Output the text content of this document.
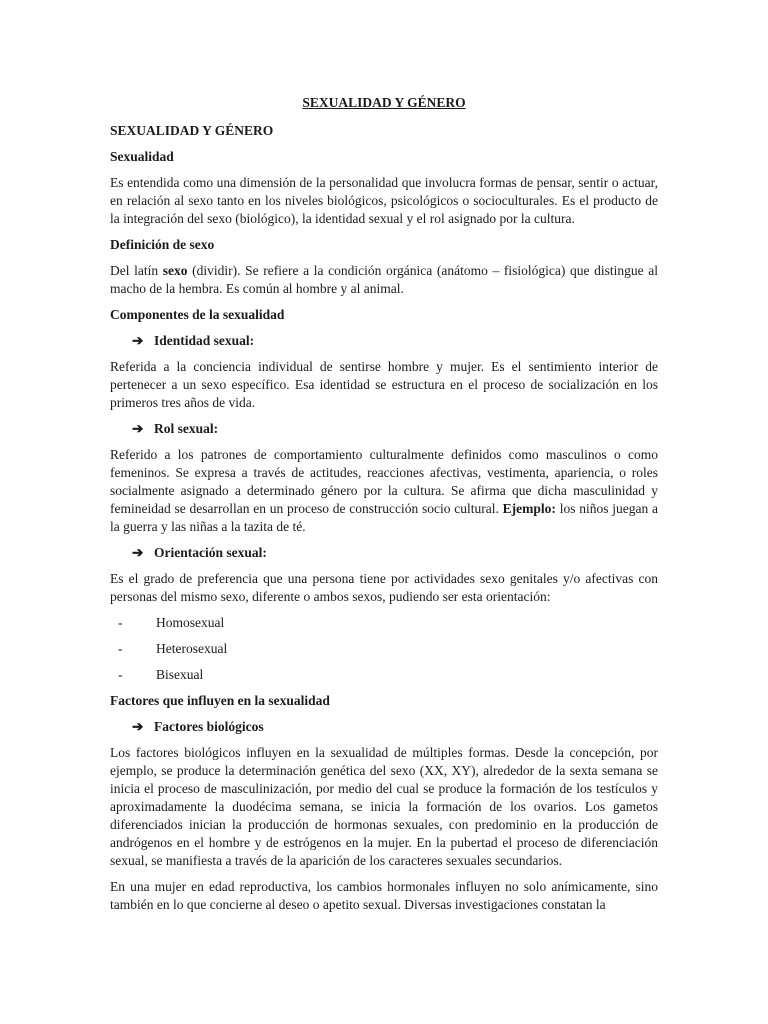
SEXUALIDAD Y GÉNERO
SEXUALIDAD Y GÉNERO
Sexualidad

Es entendida como una dimensión de la personalidad que involucra formas de pensar, sentir o actuar, en relación al sexo tanto en los niveles biológicos, psicológicos o socioculturales. Es el producto de la integración del sexo (biológico), la identidad sexual y el rol asignado por la cultura.

Definición de sexo

Del latín sexo (dividir). Se refiere a la condición orgánica (anátomo – fisiológica) que distingue al macho de la hembra. Es común al hombre y al animal.

Componentes de la sexualidad
➔ Identidad sexual:

Referida a la conciencia individual de sentirse hombre y mujer. Es el sentimiento interior de pertenecer a un sexo específico. Esa identidad se estructura en el proceso de socialización en los primeros tres años de vida.

➔ Rol sexual:

Referido a los patrones de comportamiento culturalmente definidos como masculinos o como femeninos. Se expresa a través de actitudes, reacciones afectivas, vestimenta, apariencia, o roles socialmente asignado a determinado género por la cultura. Se afirma que dicha masculinidad y femineidad se desarrollan en un proceso de construcción socio cultural. Ejemplo: los niños juegan a la guerra y las niñas a la tazita de té.

➔ Orientación sexual:

Es el grado de preferencia que una persona tiene por actividades sexo genitales y/o afectivas con personas del mismo sexo, diferente o ambos sexos, pudiendo ser esta orientación:

-	Homosexual
-	Heterosexual
-	Bisexual
Factores que influyen en la sexualidad
➔ Factores biológicos

Los factores biológicos influyen en la sexualidad de múltiples formas. Desde la concepción, por ejemplo, se produce la determinación genética del sexo (XX, XY), alrededor de la sexta semana se inicia el proceso de masculinización, por medio del cual se produce la formación de los testículos y aproximadamente la duodécima semana, se inicia la formación de los ovarios. Los gametos diferenciados inician la producción de hormonas sexuales, con predominio en la producción de andrógenos en el hombre y de estrógenos en la mujer. En la pubertad el proceso de diferenciación sexual, se manifiesta a través de la aparición de los caracteres sexuales secundarios.

En una mujer en edad reproductiva, los cambios hormonales influyen no solo anímicamente, sino también en lo que concierne al deseo o apetito sexual. Diversas investigaciones constatan la
